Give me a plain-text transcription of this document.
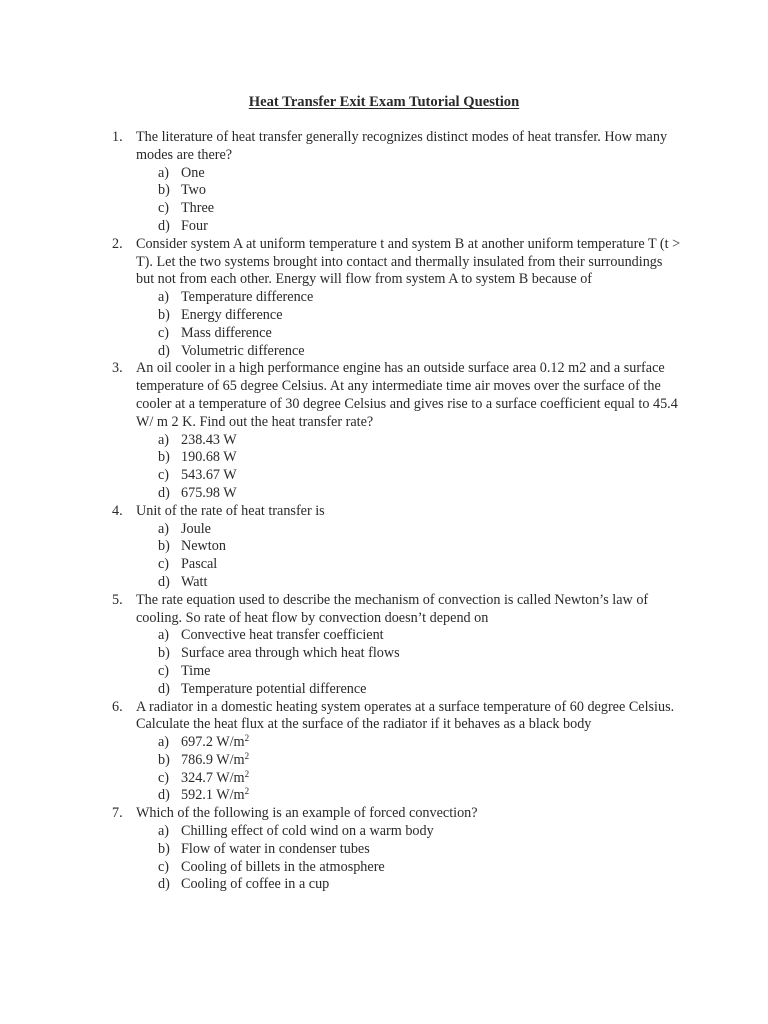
Heat Transfer Exit Exam Tutorial Question
1. The literature of heat transfer generally recognizes distinct modes of heat transfer. How many modes are there?
a) One
b) Two
c) Three
d) Four
2. Consider system A at uniform temperature t and system B at another uniform temperature T (t > T). Let the two systems brought into contact and thermally insulated from their surroundings but not from each other. Energy will flow from system A to system B because of
a) Temperature difference
b) Energy difference
c) Mass difference
d) Volumetric difference
3. An oil cooler in a high performance engine has an outside surface area 0.12 m2 and a surface temperature of 65 degree Celsius. At any intermediate time air moves over the surface of the cooler at a temperature of 30 degree Celsius and gives rise to a surface coefficient equal to 45.4 W/ m 2 K. Find out the heat transfer rate?
a) 238.43 W
b) 190.68 W
c) 543.67 W
d) 675.98 W
4. Unit of the rate of heat transfer is
a) Joule
b) Newton
c) Pascal
d) Watt
5. The rate equation used to describe the mechanism of convection is called Newton’s law of cooling. So rate of heat flow by convection doesn’t depend on
a) Convective heat transfer coefficient
b) Surface area through which heat flows
c) Time
d) Temperature potential difference
6. A radiator in a domestic heating system operates at a surface temperature of 60 degree Celsius. Calculate the heat flux at the surface of the radiator if it behaves as a black body
a) 697.2 $W/m^2$
b) 786.9 $W/m^2$
c) 324.7 $W/m^2$
d) 592.1 $W/m^2$
7. Which of the following is an example of forced convection?
a) Chilling effect of cold wind on a warm body
b) Flow of water in condenser tubes
c) Cooling of billets in the atmosphere
d) Cooling of coffee in a cup
